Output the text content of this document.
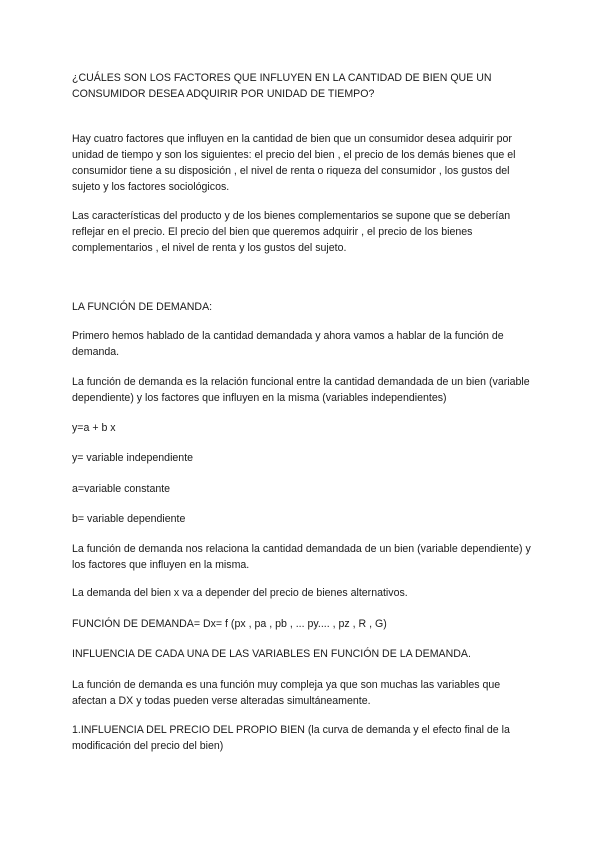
¿CUÁLES SON LOS FACTORES QUE INFLUYEN EN LA CANTIDAD DE BIEN QUE UN CONSUMIDOR DESEA ADQUIRIR POR UNIDAD DE TIEMPO?

Hay cuatro factores que influyen en la cantidad de bien que un consumidor desea adquirir por unidad de tiempo y son los siguientes: el precio del bien , el precio de los demás bienes que el consumidor tiene a su disposición , el nivel de renta o riqueza del consumidor , los gustos del sujeto y los factores sociológicos.

Las características del producto y de los bienes complementarios se supone que se deberían reflejar en el precio. El precio del bien que queremos adquirir , el precio de los bienes complementarios , el nivel de renta y los gustos del sujeto.

LA FUNCIÓN DE DEMANDA:

Primero hemos hablado de la cantidad demandada y ahora vamos a hablar de la función de demanda.

La función de demanda es la relación funcional entre la cantidad demandada de un bien (variable dependiente) y los factores que influyen en la misma (variables independientes)

y=a + b x

y= variable independiente

a=variable constante

b= variable dependiente

La función de demanda nos relaciona la cantidad demandada de un bien (variable dependiente) y los factores que influyen en la misma.

La demanda del bien x va a depender del precio de bienes alternativos.

FUNCIÓN DE DEMANDA= Dx= f (px , pa , pb , ... py.... , pz , R , G)

INFLUENCIA DE CADA UNA DE LAS VARIABLES EN FUNCIÓN DE LA DEMANDA.

La función de demanda es una función muy compleja ya que son muchas las variables que afectan a DX y todas pueden verse alteradas simultáneamente.

1.INFLUENCIA DEL PRECIO DEL PROPIO BIEN (la curva de demanda y el efecto final de la modificación del precio del bien)
